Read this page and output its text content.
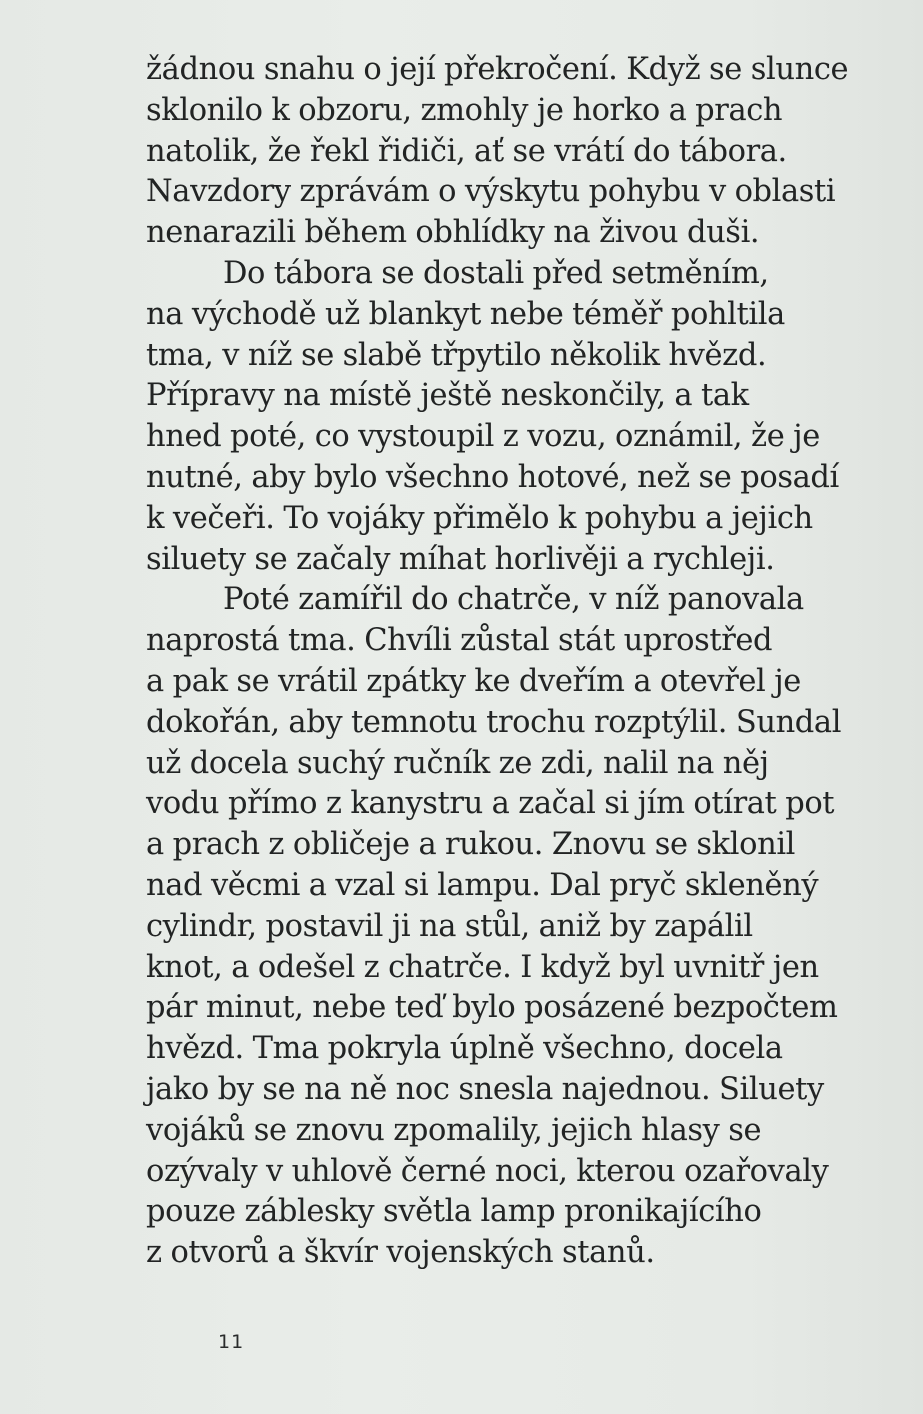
žádnou snahu o její překročení. Když se slunce
sklonilo k obzoru, zmohly je horko a prach
natolik, že řekl řidiči, ať se vrátí do tábora.
Navzdory zprávám o výskytu pohybu v oblasti
nenarazili během obhlídky na živou duši.
Do tábora se dostali před setměním,
na východě už blankyt nebe téměř pohltila
tma, v níž se slabě třpytilo několik hvězd.
Přípravy na místě ještě neskončily, a tak
hned poté, co vystoupil z vozu, oznámil, že je
nutné, aby bylo všechno hotové, než se posadí
k večeři. To vojáky přimělo k pohybu a jejich
siluety se začaly míhat horlivěji a rychleji.
Poté zamířil do chatrče, v níž panovala
naprostá tma. Chvíli zůstal stát uprostřed
a pak se vrátil zpátky ke dveřím a otevřel je
dokořán, aby temnotu trochu rozptýlil. Sundal
už docela suchý ručník ze zdi, nalil na něj
vodu přímo z kanystru a začal si jím otírat pot
a prach z obličeje a rukou. Znovu se sklonil
nad věcmi a vzal si lampu. Dal pryč skleněný
cylindr, postavil ji na stůl, aniž by zapálil
knot, a odešel z chatrče. I když byl uvnitř jen
pár minut, nebe teď bylo posázené bezpočtem
hvězd. Tma pokryla úplně všechno, docela
jako by se na ně noc snesla najednou. Siluety
vojáků se znovu zpomalily, jejich hlasy se
ozývaly v uhlově černé noci, kterou ozařovaly
pouze záblesky světla lamp pronikajícího
z otvorů a škvír vojenských stanů.
11
